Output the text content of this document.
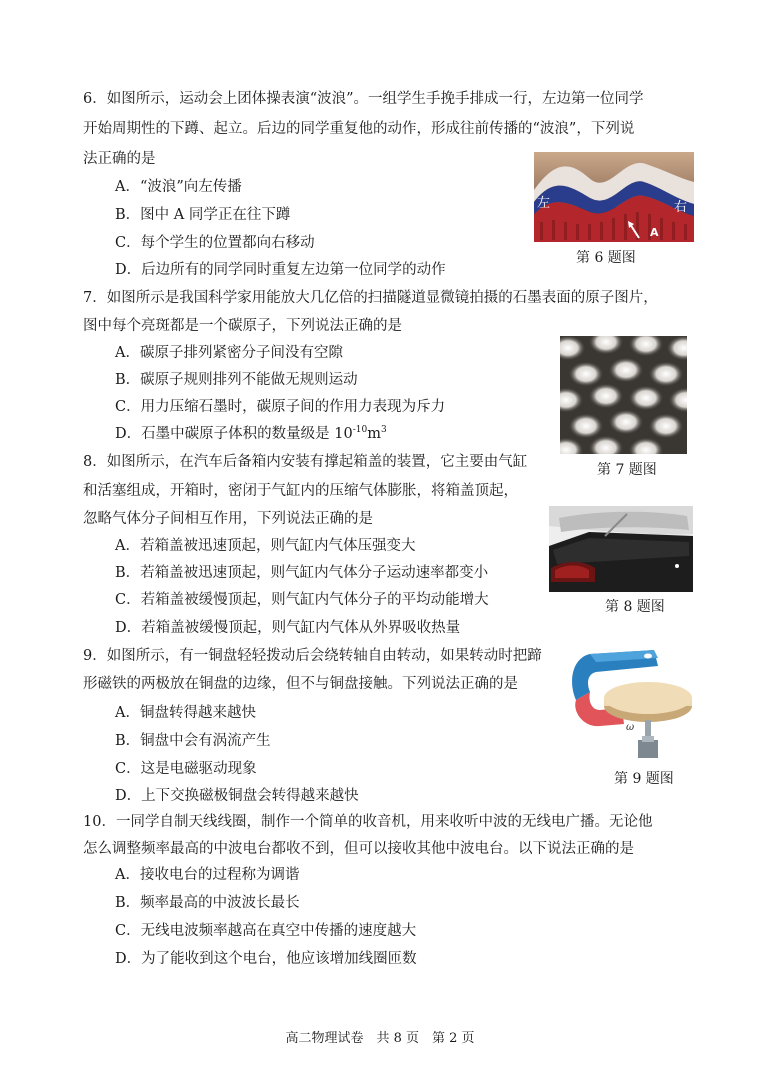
6．如图所示，运动会上团体操表演“波浪”。一组学生手挽手排成一行，左边第一位同学
开始周期性的下蹲、起立。后边的同学重复他的动作，形成往前传播的“波浪”，下列说
法正确的是
A．“波浪”向左传播
B．图中 A 同学正在往下蹲
C．每个学生的位置都向右移动
D．后边所有的同学同时重复左边第一位同学的动作
左	右
A
第 6 题图
7．如图所示是我国科学家用能放大几亿倍的扫描隧道显微镜拍摄的石墨表面的原子图片，
图中每个亮斑都是一个碳原子，下列说法正确的是
A．碳原子排列紧密分子间没有空隙
B．碳原子规则排列不能做无规则运动
C．用力压缩石墨时，碳原子间的作用力表现为斥力
D．石墨中碳原子体积的数量级是 $10^{-10}m^3$
第 7 题图
8．如图所示，在汽车后备箱内安装有撑起箱盖的装置，它主要由气缸
和活塞组成，开箱时，密闭于气缸内的压缩气体膨胀，将箱盖顶起，
忽略气体分子间相互作用，下列说法正确的是
A．若箱盖被迅速顶起，则气缸内气体压强变大
B．若箱盖被迅速顶起，则气缸内气体分子运动速率都变小
C．若箱盖被缓慢顶起，则气缸内气体分子的平均动能增大
D．若箱盖被缓慢顶起，则气缸内气体从外界吸收热量
第 8 题图
9．如图所示，有一铜盘轻轻拨动后会绕转轴自由转动，如果转动时把蹄
形磁铁的两极放在铜盘的边缘，但不与铜盘接触。下列说法正确的是
A．铜盘转得越来越快
B．铜盘中会有涡流产生
C．这是电磁驱动现象
D．上下交换磁极铜盘会转得越来越快
ω
第 9 题图
10．一同学自制天线线圈，制作一个简单的收音机，用来收听中波的无线电广播。无论他
怎么调整频率最高的中波电台都收不到，但可以接收其他中波电台。以下说法正确的是
A．接收电台的过程称为调谐
B．频率最高的中波波长最长
C．无线电波频率越高在真空中传播的速度越大
D．为了能收到这个电台，他应该增加线圈匝数
高二物理试卷　共 8 页　第 2 页
